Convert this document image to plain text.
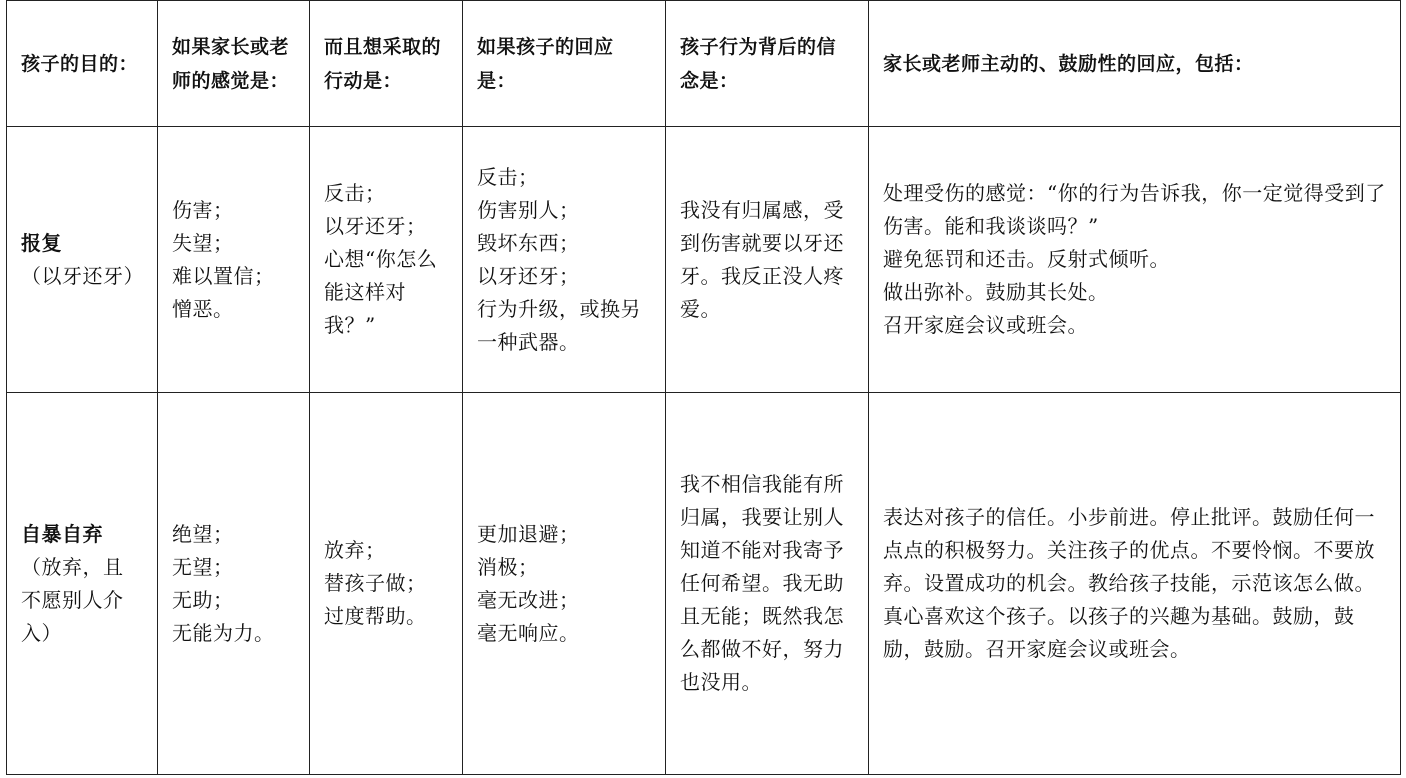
孩子的目的：	如果家长或老师的感觉是：	而且想采取的行动是：	如果孩子的回应是：	孩子行为背后的信念是：	家长或老师主动的、鼓励性的回应，包括：

报复
（以牙还牙）	伤害；
失望；
难以置信；
憎恶。	反击；
以牙还牙；
心想“你怎么能这样对我？”	反击；
伤害别人；
毁坏东西；
以牙还牙；
行为升级，或换另一种武器。	我没有归属感，受到伤害就要以牙还牙。我反正没人疼爱。	处理受伤的感觉：“你的行为告诉我，你一定觉得受到了伤害。能和我谈谈吗？”
避免惩罚和还击。反射式倾听。
做出弥补。鼓励其长处。
召开家庭会议或班会。

自暴自弃
（放弃，且不愿别人介入）	绝望；
无望；
无助；
无能为力。	放弃；
替孩子做；
过度帮助。	更加退避；
消极；
毫无改进；
毫无响应。	我不相信我能有所归属，我要让别人知道不能对我寄予任何希望。我无助且无能；既然我怎么都做不好，努力也没用。	表达对孩子的信任。小步前进。停止批评。鼓励任何一点点的积极努力。关注孩子的优点。不要怜悯。不要放弃。设置成功的机会。教给孩子技能，示范该怎么做。真心喜欢这个孩子。以孩子的兴趣为基础。鼓励，鼓励，鼓励。召开家庭会议或班会。
